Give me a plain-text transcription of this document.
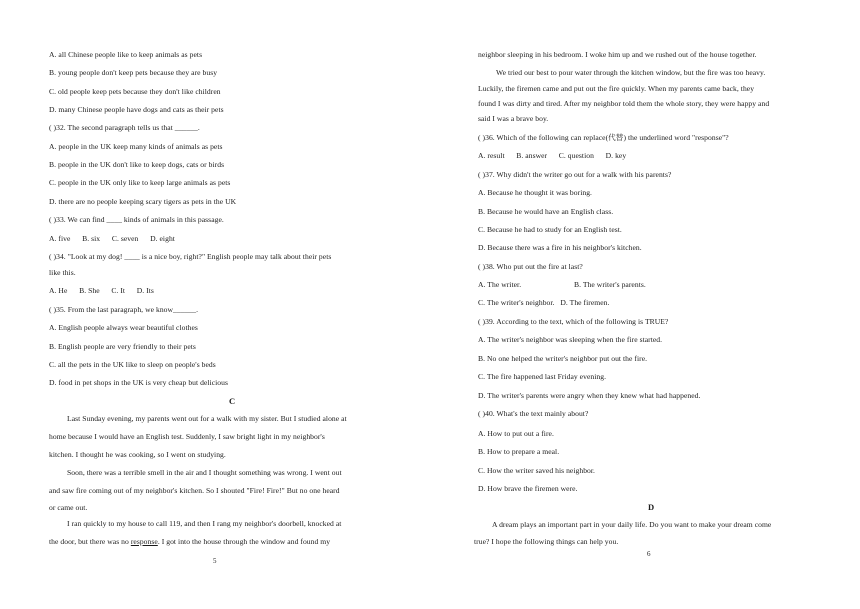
A. all Chinese people like to keep animals as pets
B. young people don't keep pets because they are busy
C. old people keep pets because they don't like children
D. many Chinese people have dogs and cats as their pets
( )32. The second paragraph tells us that ______.
A. people in the UK keep many kinds of animals as pets
B. people in the UK don't like to keep dogs, cats or birds
C. people in the UK only like to keep large animals as pets
D. there are no people keeping scary tigers as pets in the UK
( )33. We can find ____ kinds of animals in this passage.
A. five      B. six      C. seven      D. eight
( )34. "Look at my dog! ____ is a nice boy, right?" English people may talk about their pets
like this.
A. He      B. She      C. It      D. Its
( )35. From the last paragraph, we know______.
A. English people always wear beautiful clothes
B. English people are very friendly to their pets
C. all the pets in the UK like to sleep on people's beds
D. food in pet shops in the UK is very cheap but delicious
C
Last Sunday evening, my parents went out for a walk with my sister. But I studied alone at
home because I would have an English test. Suddenly, I saw bright light in my neighbor's
kitchen. I thought he was cooking, so I went on studying.
Soon, there was a terrible smell in the air and I thought something was wrong. I went out
and saw fire coming out of my neighbor's kitchen. So I shouted "Fire! Fire!" But no one heard
or came out.
I ran quickly to my house to call 119, and then I rang my neighbor's doorbell, knocked at
the door, but there was no response. I got into the house through the window and found my
5
neighbor sleeping in his bedroom. I woke him up and we rushed out of the house together.
We tried our best to pour water through the kitchen window, but the fire was too heavy.
Luckily, the firemen came and put out the fire quickly. When my parents came back, they
found I was dirty and tired. After my neighbor told them the whole story, they were happy and
said I was a brave boy.
( )36. Which of the following can replace(代替) the underlined word "response"?
A. result      B. answer      C. question      D. key
( )37. Why didn't the writer go out for a walk with his parents?
A. Because he thought it was boring.
B. Because he would have an English class.
C. Because he had to study for an English test.
D. Because there was a fire in his neighbor's kitchen.
( )38. Who put out the fire at last?
A. The writer.	B. The writer's parents.
C. The writer's neighbor.   D. The firemen.
( )39. According to the text, which of the following is TRUE?
A. The writer's neighbor was sleeping when the fire started.
B. No one helped the writer's neighbor put out the fire.
C. The fire happened last Friday evening.
D. The writer's parents were angry when they knew what had happened.
( )40. What's the text mainly about?
A. How to put out a fire.
B. How to prepare a meal.
C. How the writer saved his neighbor.
D. How brave the firemen were.
D
A dream plays an important part in your daily life. Do you want to make your dream come
true? I hope the following things can help you.
6
